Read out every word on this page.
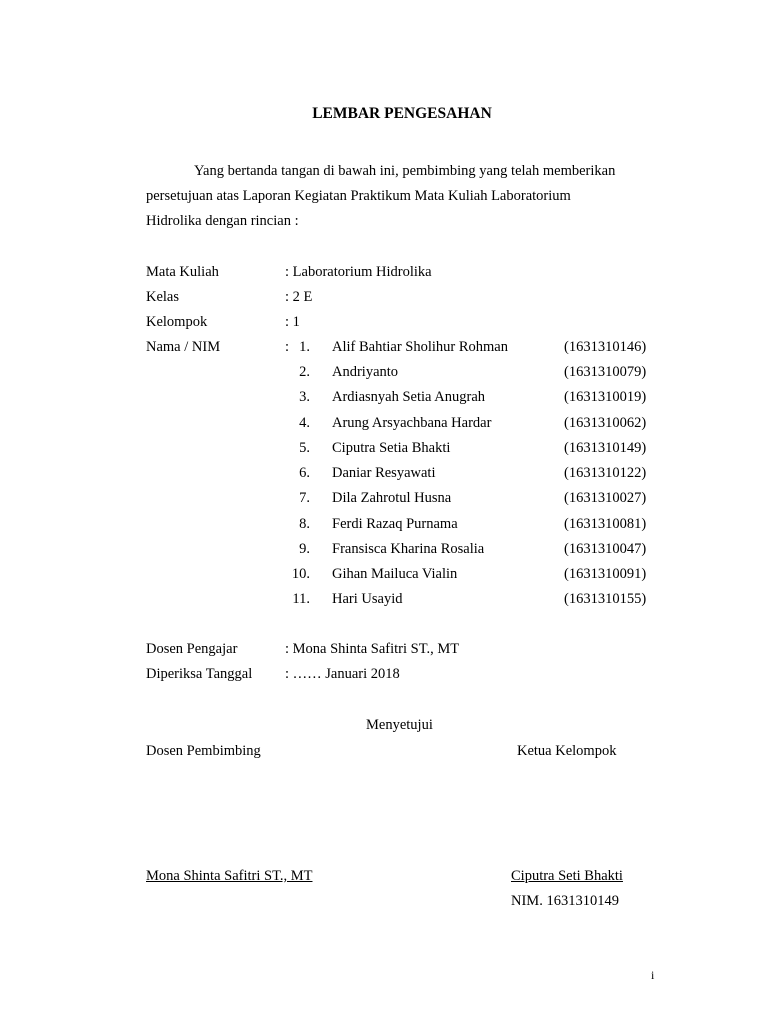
LEMBAR PENGESAHAN
Yang bertanda tangan di bawah ini, pembimbing yang telah memberikan
persetujuan atas Laporan Kegiatan Praktikum Mata Kuliah Laboratorium
Hidrolika dengan rincian :
Mata Kuliah	: Laboratorium Hidrolika
Kelas	: 2 E
Kelompok	: 1
Nama / NIM	: 1. Alif Bahtiar Sholihur Rohman	(1631310146)
2. Andriyanto	(1631310079)
3. Ardiasnyah Setia Anugrah	(1631310019)
4. Arung Arsyachbana Hardar	(1631310062)
5. Ciputra Setia Bhakti	(1631310149)
6. Daniar Resyawati	(1631310122)
7. Dila Zahrotul Husna	(1631310027)
8. Ferdi Razaq Purnama	(1631310081)
9. Fransisca Kharina Rosalia	(1631310047)
10. Gihan Mailuca Vialin	(1631310091)
11. Hari Usayid	(1631310155)
Dosen Pengajar	: Mona Shinta Safitri ST., MT
Diperiksa Tanggal : …… Januari 2018
Menyetujui
Dosen Pembimbing	Ketua Kelompok
Mona Shinta Safitri ST., MT	Ciputra Seti Bhakti
NIM. 1631310149
i
